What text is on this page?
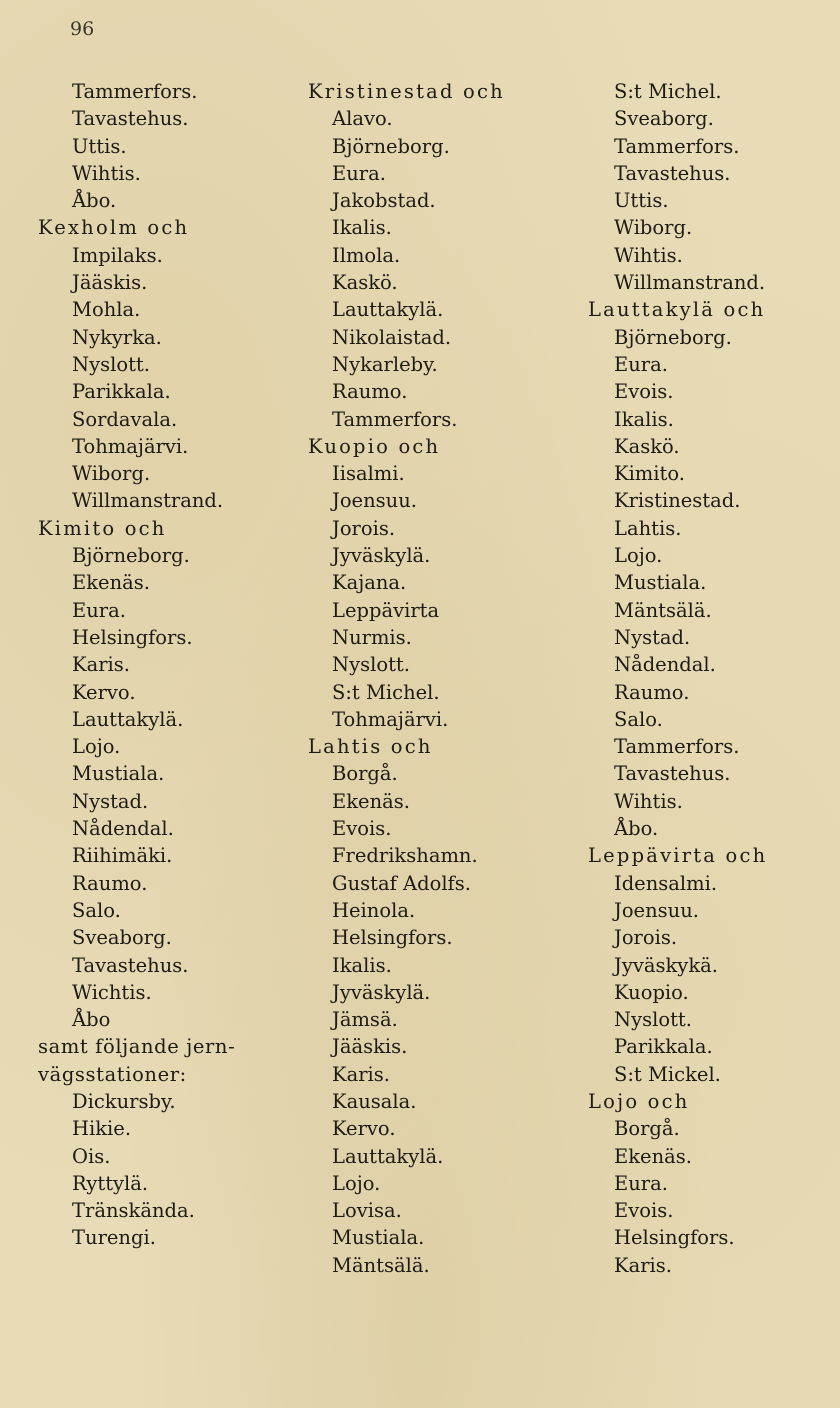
96
Tammerfors.
Tavastehus.
Uttis.
Wihtis.
Åbo.
Kexholm och
Impilaks.
Jääskis.
Mohla.
Nykyrka.
Nyslott.
Parikkala.
Sordavala.
Tohmajärvi.
Wiborg.
Willmanstrand.
Kimito och
Björneborg.
Ekenäs.
Eura.
Helsingfors.
Karis.
Kervo.
Lauttakylä.
Lojo.
Mustiala.
Nystad.
Nådendal.
Riihimäki.
Raumo.
Salo.
Sveaborg.
Tavastehus.
Wichtis.
Åbo
samt följande jern-
vägsstationer:
Dickursby.
Hikie.
Ois.
Ryttylä.
Tränskända.
Turengi.
Kristinestad och
Alavo.
Björneborg.
Eura.
Jakobstad.
Ikalis.
Ilmola.
Kaskö.
Lauttakylä.
Nikolaistad.
Nykarleby.
Raumo.
Tammerfors.
Kuopio och
Iisalmi.
Joensuu.
Jorois.
Jyväskylä.
Kajana.
Leppävirta
Nurmis.
Nyslott.
S:t Michel.
Tohmajärvi.
Lahtis och
Borgå.
Ekenäs.
Evois.
Fredrikshamn.
Gustaf Adolfs.
Heinola.
Helsingfors.
Ikalis.
Jyväskylä.
Jämsä.
Jääskis.
Karis.
Kausala.
Kervo.
Lauttakylä.
Lojo.
Lovisa.
Mustiala.
Mäntsälä.
S:t Michel.
Sveaborg.
Tammerfors.
Tavastehus.
Uttis.
Wiborg.
Wihtis.
Willmanstrand.
Lauttakylä och
Björneborg.
Eura.
Evois.
Ikalis.
Kaskö.
Kimito.
Kristinestad.
Lahtis.
Lojo.
Mustiala.
Mäntsälä.
Nystad.
Nådendal.
Raumo.
Salo.
Tammerfors.
Tavastehus.
Wihtis.
Åbo.
Leppävirta och
Idensalmi.
Joensuu.
Jorois.
Jyväskykä.
Kuopio.
Nyslott.
Parikkala.
S:t Mickel.
Lojo och
Borgå.
Ekenäs.
Eura.
Evois.
Helsingfors.
Karis.
